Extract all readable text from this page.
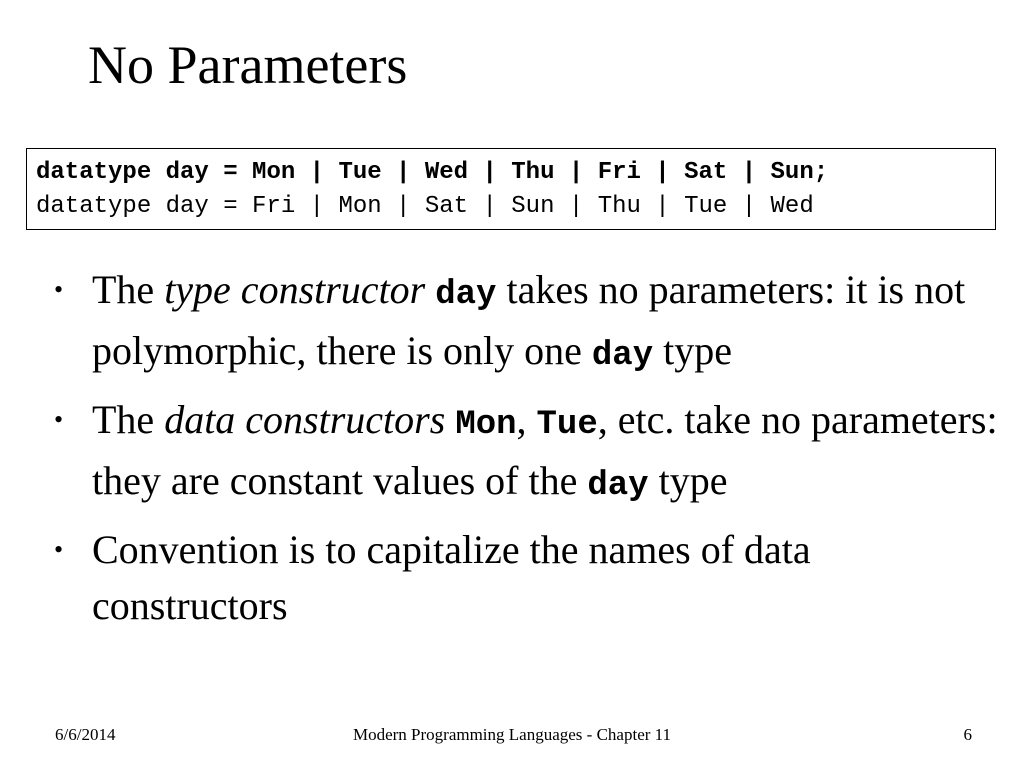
No Parameters
datatype day = Mon | Tue | Wed | Thu | Fri | Sat | Sun;
datatype day = Fri | Mon | Sat | Sun | Thu | Tue | Wed
• The type constructor day takes no parameters: it is not polymorphic, there is only one day type
• The data constructors Mon, Tue, etc. take no parameters: they are constant values of the day type
• Convention is to capitalize the names of data constructors
6/6/2014	Modern Programming Languages - Chapter 11	6
